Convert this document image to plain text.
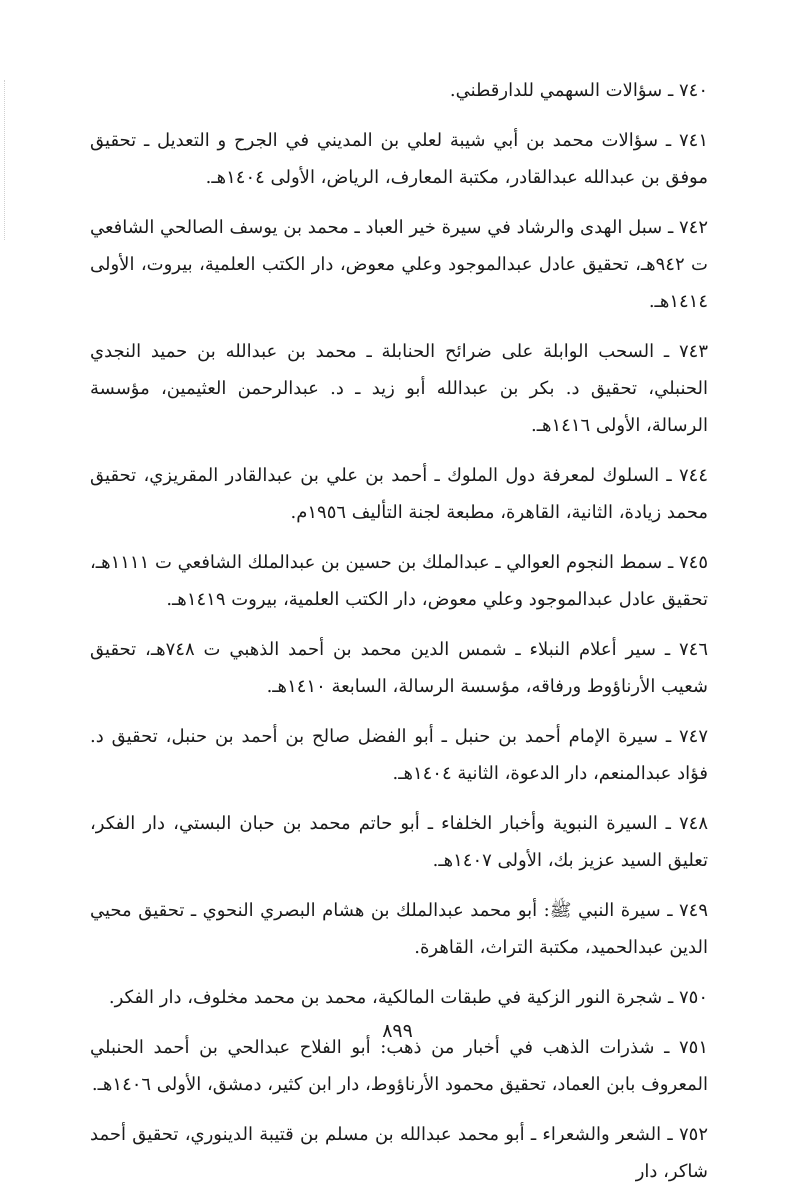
٧٤٠ ـ سؤالات السهمي للدارقطني.

٧٤١ ـ سؤالات محمد بن أبي شيبة لعلي بن المديني في الجرح و التعديل ـ تحقيق موفق بن عبدالله عبدالقادر، مكتبة المعارف، الرياض، الأولى ١٤٠٤هـ.

٧٤٢ ـ سبل الهدى والرشاد في سيرة خير العباد ـ محمد بن يوسف الصالحي الشافعي ت ٩٤٢هـ، تحقيق عادل عبدالموجود وعلي معوض، دار الكتب العلمية، بيروت، الأولى ١٤١٤هـ.

٧٤٣ ـ السحب الوابلة على ضرائح الحنابلة ـ محمد بن عبدالله بن حميد النجدي الحنبلي، تحقيق د. بكر بن عبدالله أبو زيد ـ د. عبدالرحمن العثيمين، مؤسسة الرسالة، الأولى ١٤١٦هـ.

٧٤٤ ـ السلوك لمعرفة دول الملوك ـ أحمد بن علي بن عبدالقادر المقريزي، تحقيق محمد زيادة، الثانية، القاهرة، مطبعة لجنة التأليف ١٩٥٦م.

٧٤٥ ـ سمط النجوم العوالي ـ عبدالملك بن حسين بن عبدالملك الشافعي ت ١١١١هـ، تحقيق عادل عبدالموجود وعلي معوض، دار الكتب العلمية، بيروت ١٤١٩هـ.

٧٤٦ ـ سير أعلام النبلاء ـ شمس الدين محمد بن أحمد الذهبي ت ٧٤٨هـ، تحقيق شعيب الأرناؤوط ورفاقه، مؤسسة الرسالة، السابعة ١٤١٠هـ.

٧٤٧ ـ سيرة الإمام أحمد بن حنبل ـ أبو الفضل صالح بن أحمد بن حنبل، تحقيق د. فؤاد عبدالمنعم، دار الدعوة، الثانية ١٤٠٤هـ.

٧٤٨ ـ السيرة النبوية وأخبار الخلفاء ـ أبو حاتم محمد بن حبان البستي، دار الفكر، تعليق السيد عزيز بك، الأولى ١٤٠٧هـ.

٧٤٩ ـ سيرة النبي ﷺ: أبو محمد عبدالملك بن هشام البصري النحوي ـ تحقيق محيي الدين عبدالحميد، مكتبة التراث، القاهرة.

٧٥٠ ـ شجرة النور الزكية في طبقات المالكية، محمد بن محمد مخلوف، دار الفكر.

٧٥١ ـ شذرات الذهب في أخبار من ذهب: أبو الفلاح عبدالحي بن أحمد الحنبلي المعروف بابن العماد، تحقيق محمود الأرناؤوط، دار ابن كثير، دمشق، الأولى ١٤٠٦هـ.

٧٥٢ ـ الشعر والشعراء ـ أبو محمد عبدالله بن مسلم بن قتيبة الدينوري، تحقيق أحمد شاكر، دار

٨٩٩
